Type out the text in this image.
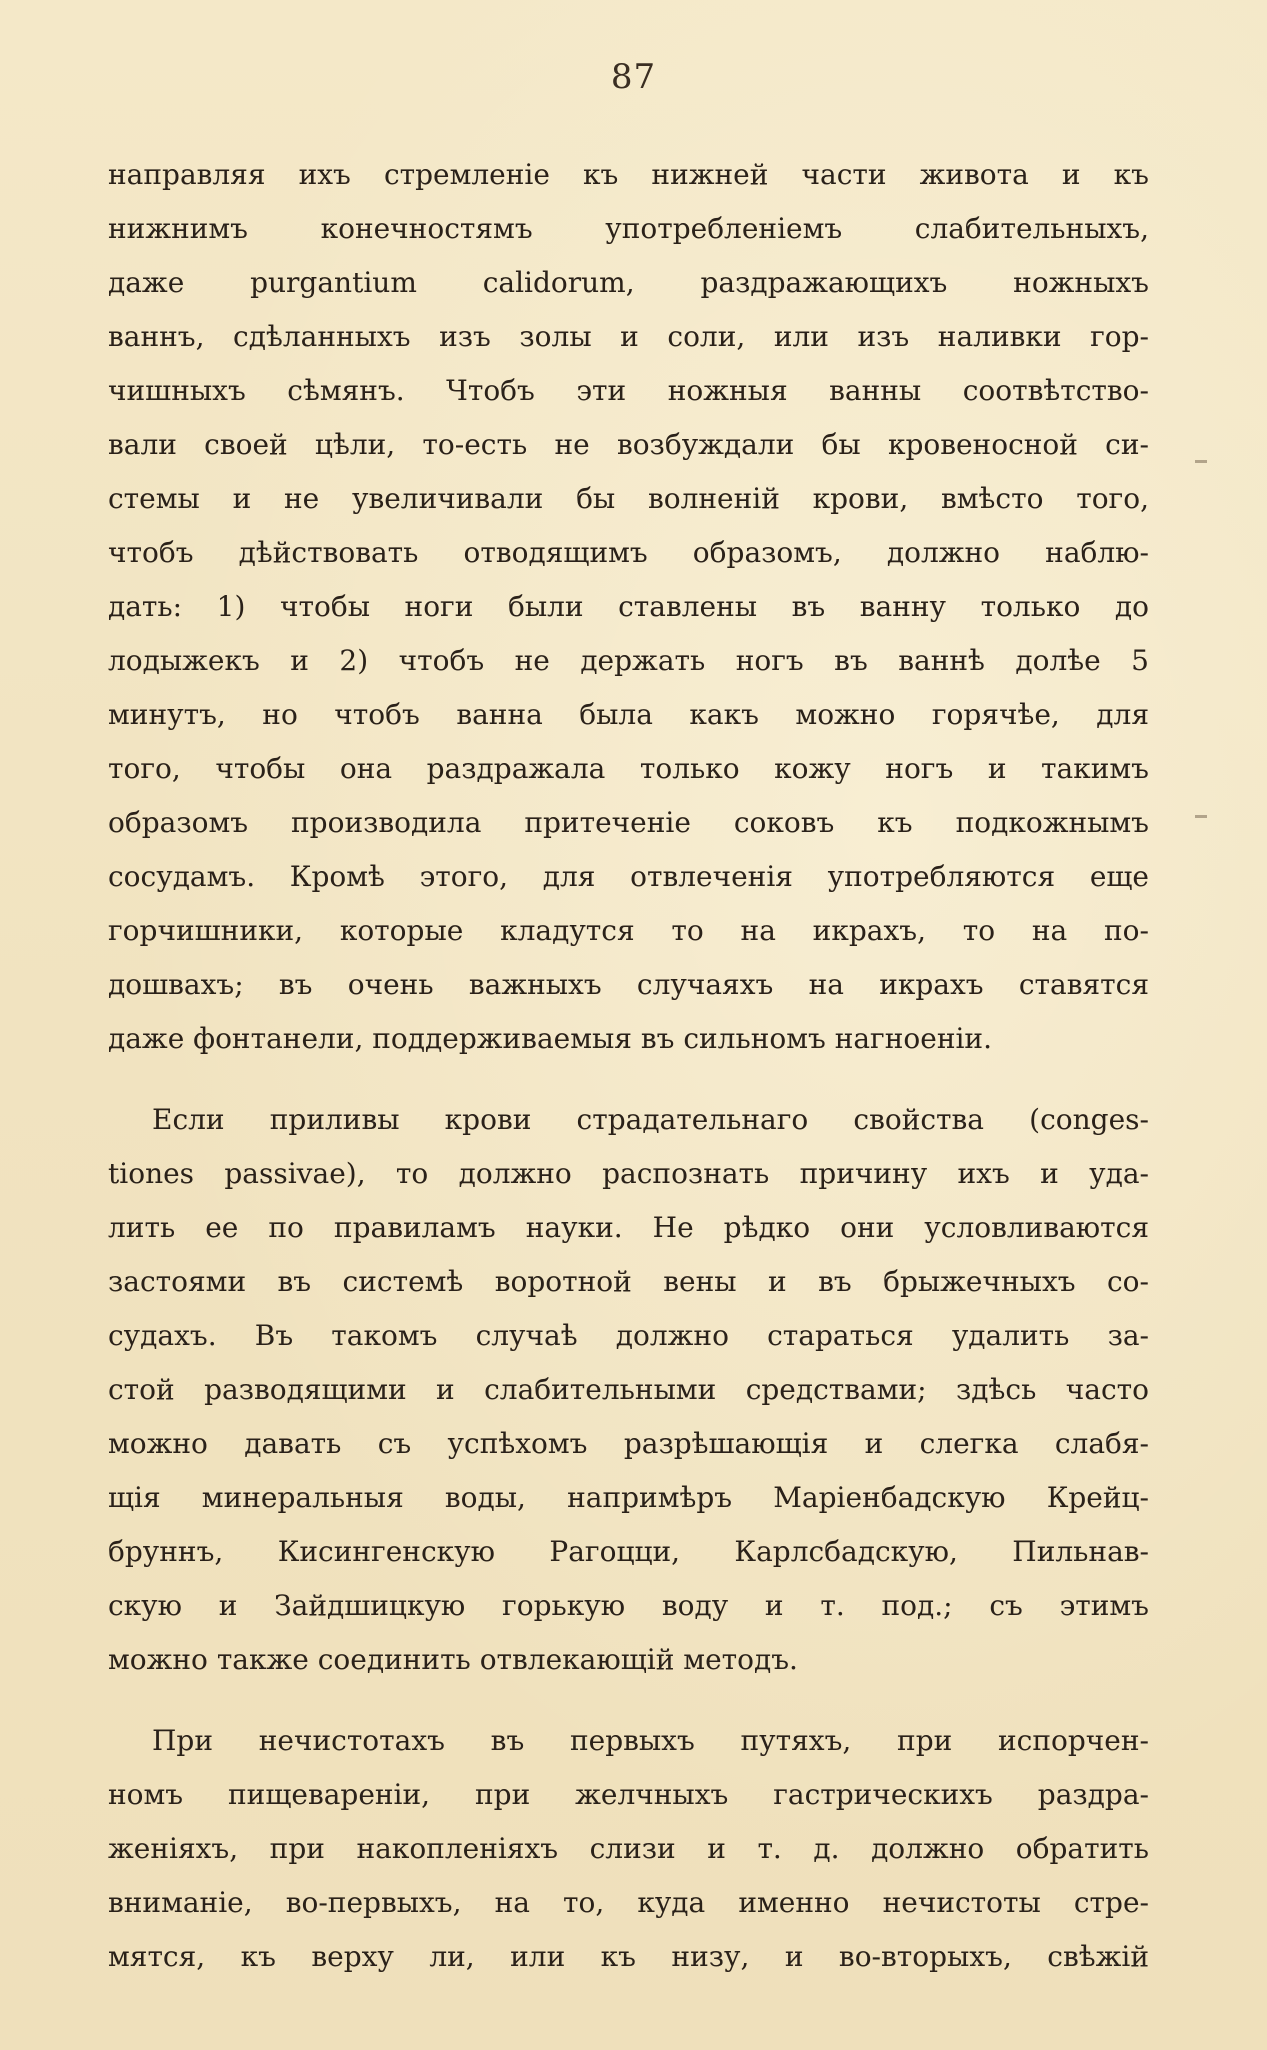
87
направляя ихъ стремленіе къ нижней части живота и къ
нижнимъ конечностямъ употребленіемъ слабительныхъ,
даже purgantium calidorum, раздражающихъ ножныхъ
ваннъ, сдѣланныхъ изъ золы и соли, или изъ наливки гор-
чишныхъ сѣмянъ. Чтобъ эти ножныя ванны соотвѣтство-
вали своей цѣли, то-есть не возбуждали бы кровеносной си-
стемы и не увеличивали бы волненій крови, вмѣсто того,
чтобъ дѣйствовать отводящимъ образомъ, должно наблю-
дать: 1) чтобы ноги были ставлены въ ванну только до
лодыжекъ и 2) чтобъ не держать ногъ въ ваннѣ долѣе 5
минутъ, но чтобъ ванна была какъ можно горячѣе, для
того, чтобы она раздражала только кожу ногъ и такимъ
образомъ производила притеченіе соковъ къ подкожнымъ
сосудамъ. Кромѣ этого, для отвлеченія употребляются еще
горчишники, которые кладутся то на икрахъ, то на по-
дошвахъ; въ очень важныхъ случаяхъ на икрахъ ставятся
даже фонтанели, поддерживаемыя въ сильномъ нагноеніи.
Если приливы крови страдательнаго свойства (conges-
tiones passivae), то должно распознать причину ихъ и уда-
лить ее по правиламъ науки. Не рѣдко они условливаются
застоями въ системѣ воротной вены и въ брыжечныхъ со-
судахъ. Въ такомъ случаѣ должно стараться удалить за-
стой разводящими и слабительными средствами; здѣсь часто
можно давать съ успѣхомъ разрѣшающія и слегка слабя-
щія минеральныя воды, напримѣръ Маріенбадскую Крейц-
бруннъ, Кисингенскую Рагоцци, Карлсбадскую, Пильнав-
скую и Зайдшицкую горькую воду и т. под.; съ этимъ
можно также соединить отвлекающій методъ.
При нечистотахъ въ первыхъ путяхъ, при испорчен-
номъ пищевареніи, при желчныхъ гастрическихъ раздра-
женіяхъ, при накопленіяхъ слизи и т. д. должно обратить
вниманіе, во-первыхъ, на то, куда именно нечистоты стре-
мятся, къ верху ли, или къ низу, и во-вторыхъ, свѣжій
